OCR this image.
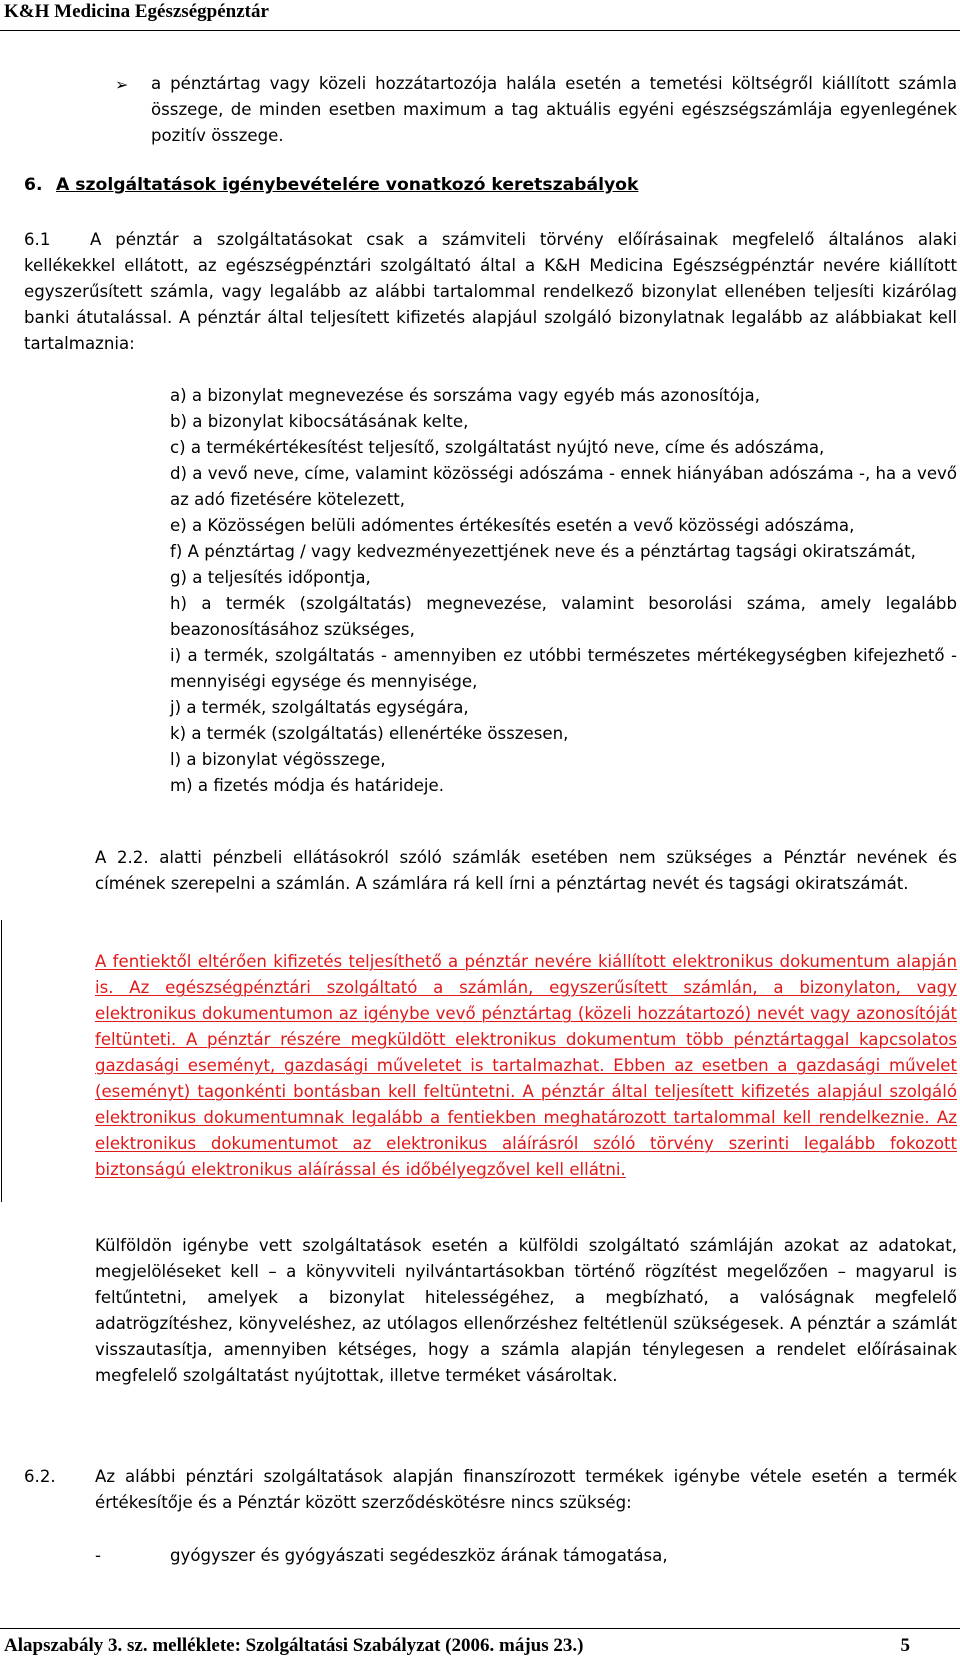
K&H Medicina Egészségpénztár
➢ a pénztártag vagy közeli hozzátartozója halála esetén a temetési költségről kiállított számla összege, de minden esetben maximum a tag aktuális egyéni egészségszámlája egyenlegének pozitív összege.
6. A szolgáltatások igénybevételére vonatkozó keretszabályok
6.1 A pénztár a szolgáltatásokat csak a számviteli törvény előírásainak megfelelő általános alaki kellékekkel ellátott, az egészségpénztári szolgáltató által a K&H Medicina Egészségpénztár nevére kiállított egyszerűsített számla, vagy legalább az alábbi tartalommal rendelkező bizonylat ellenében teljesíti kizárólag banki átutalással. A pénztár által teljesített kifizetés alapjául szolgáló bizonylatnak legalább az alábbiakat kell tartalmaznia:
a) a bizonylat megnevezése és sorszáma vagy egyéb más azonosítója,
b) a bizonylat kibocsátásának kelte,
c) a termékértékesítést teljesítő, szolgáltatást nyújtó neve, címe és adószáma,
d) a vevő neve, címe, valamint közösségi adószáma - ennek hiányában adószáma -, ha a vevő az adó fizetésére kötelezett,
e) a Közösségen belüli adómentes értékesítés esetén a vevő közösségi adószáma,
f) A pénztártag / vagy kedvezményezettjének neve és a pénztártag tagsági okiratszámát,
g) a teljesítés időpontja,
h) a termék (szolgáltatás) megnevezése, valamint besorolási száma, amely legalább beazonosításához szükséges,
i) a termék, szolgáltatás - amennyiben ez utóbbi természetes mértékegységben kifejezhető - mennyiségi egysége és mennyisége,
j) a termék, szolgáltatás egységára,
k) a termék (szolgáltatás) ellenértéke összesen,
l) a bizonylat végösszege,
m) a fizetés módja és határideje.
A 2.2. alatti pénzbeli ellátásokról szóló számlák esetében nem szükséges a Pénztár nevének és címének szerepelni a számlán. A számlára rá kell írni a pénztártag nevét és tagsági okiratszámát.
A fentiektől eltérően kifizetés teljesíthető a pénztár nevére kiállított elektronikus dokumentum alapján is. Az egészségpénztári szolgáltató a számlán, egyszerűsített számlán, a bizonylaton, vagy elektronikus dokumentumon az igénybe vevő pénztártag (közeli hozzátartozó) nevét vagy azonosítóját feltünteti. A pénztár részére megküldött elektronikus dokumentum több pénztártaggal kapcsolatos gazdasági eseményt, gazdasági műveletet is tartalmazhat. Ebben az esetben a gazdasági művelet (eseményt) tagonkénti bontásban kell feltüntetni. A pénztár által teljesített kifizetés alapjául szolgáló elektronikus dokumentumnak legalább a fentiekben meghatározott tartalommal kell rendelkeznie. Az elektronikus dokumentumot az elektronikus aláírásról szóló törvény szerinti legalább fokozott biztonságú elektronikus aláírással és időbélyegzővel kell ellátni.
Külföldön igénybe vett szolgáltatások esetén a külföldi szolgáltató számláján azokat az adatokat, megjelöléseket kell – a könyvviteli nyilvántartásokban történő rögzítést megelőzően – magyarul is feltűntetni, amelyek a bizonylat hitelességéhez, a megbízható, a valóságnak megfelelő adatrögzítéshez, könyveléshez, az utólagos ellenőrzéshez feltétlenül szükségesek. A pénztár a számlát visszautasítja, amennyiben kétséges, hogy a számla alapján ténylegesen a rendelet előírásainak megfelelő szolgáltatást nyújtottak, illetve terméket vásároltak.
6.2. Az alábbi pénztári szolgáltatások alapján finanszírozott termékek igénybe vétele esetén a termék értékesítője és a Pénztár között szerződéskötésre nincs szükség:
-	gyógyszer és gyógyászati segédeszköz árának támogatása,
Alapszabály 3. sz. melléklete: Szolgáltatási Szabályzat (2006. május 23.)	5
